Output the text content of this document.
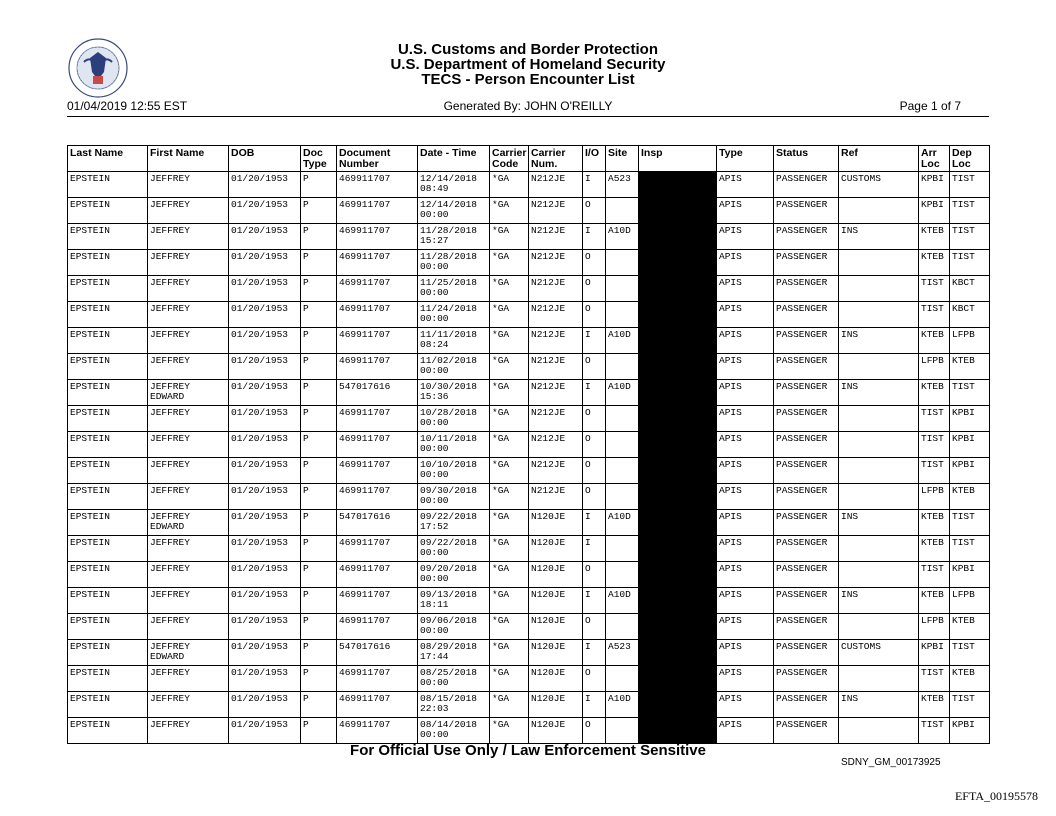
U.S. Customs and Border Protection
U.S. Department of Homeland Security
TECS - Person Encounter List
01/04/2019 12:55 EST	Generated By: JOHN O'REILLY	Page 1 of 7
Last Name	First Name	DOB	Doc Type	Document Number	Date - Time	Carrier Code	Carrier Num.	I/O	Site	Insp	Type	Status	Ref	Arr Loc	Dep Loc
EPSTEIN	JEFFREY	01/20/1953	P	469911707	12/14/2018 08:49	*GA	N212JE	I	A523		APIS	PASSENGER	CUSTOMS	KPBI	TIST
EPSTEIN	JEFFREY	01/20/1953	P	469911707	12/14/2018 00:00	*GA	N212JE	O			APIS	PASSENGER		KPBI	TIST
EPSTEIN	JEFFREY	01/20/1953	P	469911707	11/28/2018 15:27	*GA	N212JE	I	A10D		APIS	PASSENGER	INS	KTEB	TIST
EPSTEIN	JEFFREY	01/20/1953	P	469911707	11/28/2018 00:00	*GA	N212JE	O			APIS	PASSENGER		KTEB	TIST
EPSTEIN	JEFFREY	01/20/1953	P	469911707	11/25/2018 00:00	*GA	N212JE	O			APIS	PASSENGER		TIST	KBCT
EPSTEIN	JEFFREY	01/20/1953	P	469911707	11/24/2018 00:00	*GA	N212JE	O			APIS	PASSENGER		TIST	KBCT
EPSTEIN	JEFFREY	01/20/1953	P	469911707	11/11/2018 08:24	*GA	N212JE	I	A10D		APIS	PASSENGER	INS	KTEB	LFPB
EPSTEIN	JEFFREY	01/20/1953	P	469911707	11/02/2018 00:00	*GA	N212JE	O			APIS	PASSENGER		LFPB	KTEB
EPSTEIN	JEFFREY EDWARD	01/20/1953	P	547017616	10/30/2018 15:36	*GA	N212JE	I	A10D		APIS	PASSENGER	INS	KTEB	TIST
EPSTEIN	JEFFREY	01/20/1953	P	469911707	10/28/2018 00:00	*GA	N212JE	O			APIS	PASSENGER		TIST	KPBI
EPSTEIN	JEFFREY	01/20/1953	P	469911707	10/11/2018 00:00	*GA	N212JE	O			APIS	PASSENGER		TIST	KPBI
EPSTEIN	JEFFREY	01/20/1953	P	469911707	10/10/2018 00:00	*GA	N212JE	O			APIS	PASSENGER		TIST	KPBI
EPSTEIN	JEFFREY	01/20/1953	P	469911707	09/30/2018 00:00	*GA	N212JE	O			APIS	PASSENGER		LFPB	KTEB
EPSTEIN	JEFFREY EDWARD	01/20/1953	P	547017616	09/22/2018 17:52	*GA	N120JE	I	A10D		APIS	PASSENGER	INS	KTEB	TIST
EPSTEIN	JEFFREY	01/20/1953	P	469911707	09/22/2018 00:00	*GA	N120JE	I			APIS	PASSENGER		KTEB	TIST
EPSTEIN	JEFFREY	01/20/1953	P	469911707	09/20/2018 00:00	*GA	N120JE	O			APIS	PASSENGER		TIST	KPBI
EPSTEIN	JEFFREY	01/20/1953	P	469911707	09/13/2018 18:11	*GA	N120JE	I	A10D		APIS	PASSENGER	INS	KTEB	LFPB
EPSTEIN	JEFFREY	01/20/1953	P	469911707	09/06/2018 00:00	*GA	N120JE	O			APIS	PASSENGER		LFPB	KTEB
EPSTEIN	JEFFREY EDWARD	01/20/1953	P	547017616	08/29/2018 17:44	*GA	N120JE	I	A523		APIS	PASSENGER	CUSTOMS	KPBI	TIST
EPSTEIN	JEFFREY	01/20/1953	P	469911707	08/25/2018 00:00	*GA	N120JE	O			APIS	PASSENGER		TIST	KTEB
EPSTEIN	JEFFREY	01/20/1953	P	469911707	08/15/2018 22:03	*GA	N120JE	I	A10D		APIS	PASSENGER	INS	KTEB	TIST
EPSTEIN	JEFFREY	01/20/1953	P	469911707	08/14/2018 00:00	*GA	N120JE	O			APIS	PASSENGER		TIST	KPBI
For Official Use Only / Law Enforcement Sensitive
SDNY_GM_00173925
EFTA_00195578
